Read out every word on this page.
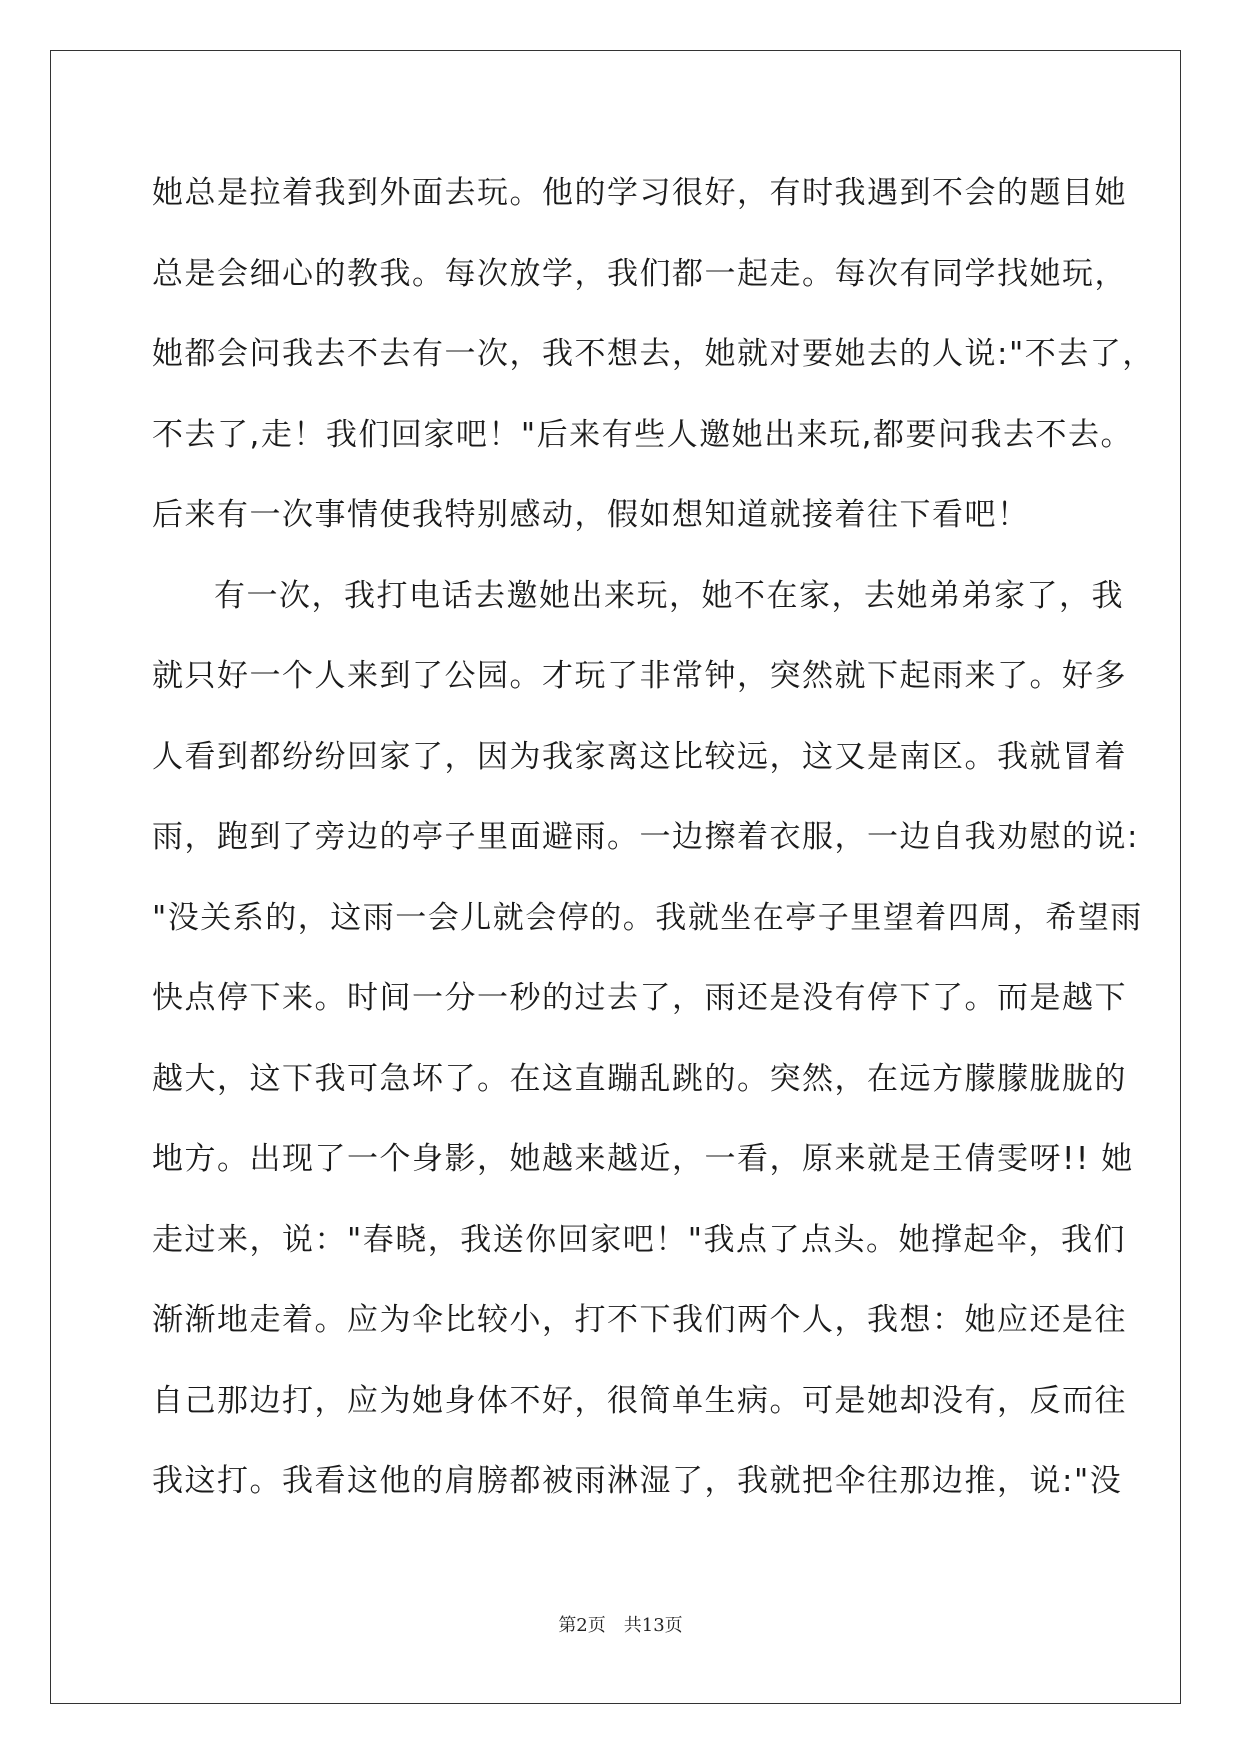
她总是拉着我到外面去玩。他的学习很好，有时我遇到不会的题目她
总是会细心的教我。每次放学，我们都一起走。每次有同学找她玩，
她都会问我去不去有一次，我不想去，她就对要她去的人说:"不去了，
不去了,走！我们回家吧！"后来有些人邀她出来玩,都要问我去不去。
后来有一次事情使我特别感动，假如想知道就接着往下看吧！
有一次，我打电话去邀她出来玩，她不在家，去她弟弟家了，我
就只好一个人来到了公园。才玩了非常钟，突然就下起雨来了。好多
人看到都纷纷回家了，因为我家离这比较远，这又是南区。我就冒着
雨，跑到了旁边的亭子里面避雨。一边擦着衣服，一边自我劝慰的说:
"没关系的，这雨一会儿就会停的。我就坐在亭子里望着四周，希望雨
快点停下来。时间一分一秒的过去了，雨还是没有停下了。而是越下
越大，这下我可急坏了。在这直蹦乱跳的。突然，在远方朦朦胧胧的
地方。出现了一个身影，她越来越近，一看，原来就是王倩雯呀!! 她
走过来，说："春晓，我送你回家吧！"我点了点头。她撑起伞，我们
渐渐地走着。应为伞比较小，打不下我们两个人，我想：她应还是往
自己那边打，应为她身体不好，很简单生病。可是她却没有，反而往
我这打。我看这他的肩膀都被雨淋湿了，我就把伞往那边推，说:"没
第2页 共13页
